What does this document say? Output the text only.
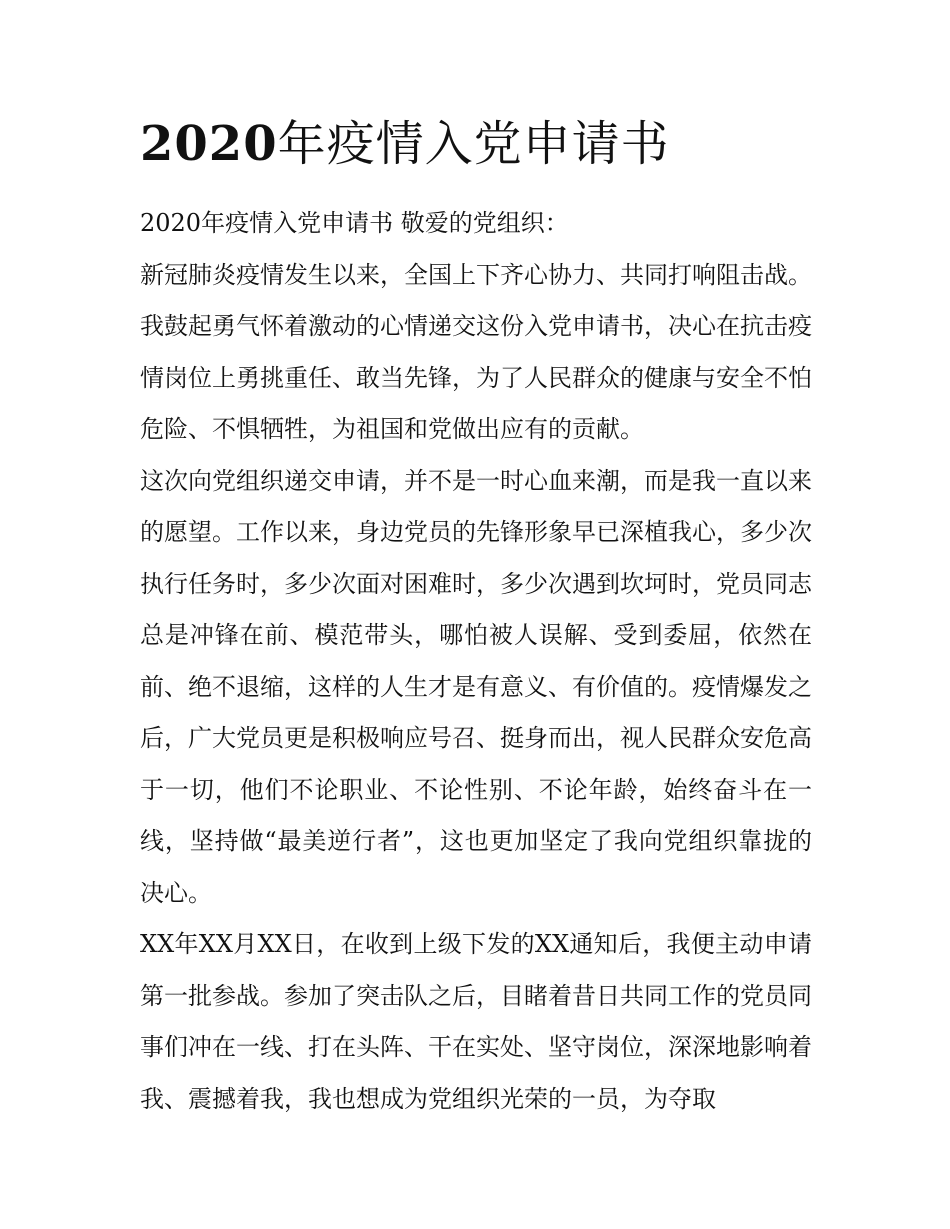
2020年疫情入党申请书

2020年疫情入党申请书 敬爱的党组织：

新冠肺炎疫情发生以来，全国上下齐心协力、共同打响阻击战。我鼓起勇气怀着激动的心情递交这份入党申请书，决心在抗击疫情岗位上勇挑重任、敢当先锋，为了人民群众的健康与安全不怕危险、不惧牺牲，为祖国和党做出应有的贡献。

这次向党组织递交申请，并不是一时心血来潮，而是我一直以来的愿望。工作以来，身边党员的先锋形象早已深植我心，多少次执行任务时，多少次面对困难时，多少次遇到坎坷时，党员同志总是冲锋在前、模范带头，哪怕被人误解、受到委屈，依然在前、绝不退缩，这样的人生才是有意义、有价值的。疫情爆发之后，广大党员更是积极响应号召、挺身而出，视人民群众安危高于一切，他们不论职业、不论性别、不论年龄，始终奋斗在一线，坚持做“最美逆行者”，这也更加坚定了我向党组织靠拢的决心。

XX年XX月XX日，在收到上级下发的XX通知后，我便主动申请第一批参战。参加了突击队之后，目睹着昔日共同工作的党员同事们冲在一线、打在头阵、干在实处、坚守岗位，深深地影响着我、震撼着我，我也想成为党组织光荣的一员，为夺取
